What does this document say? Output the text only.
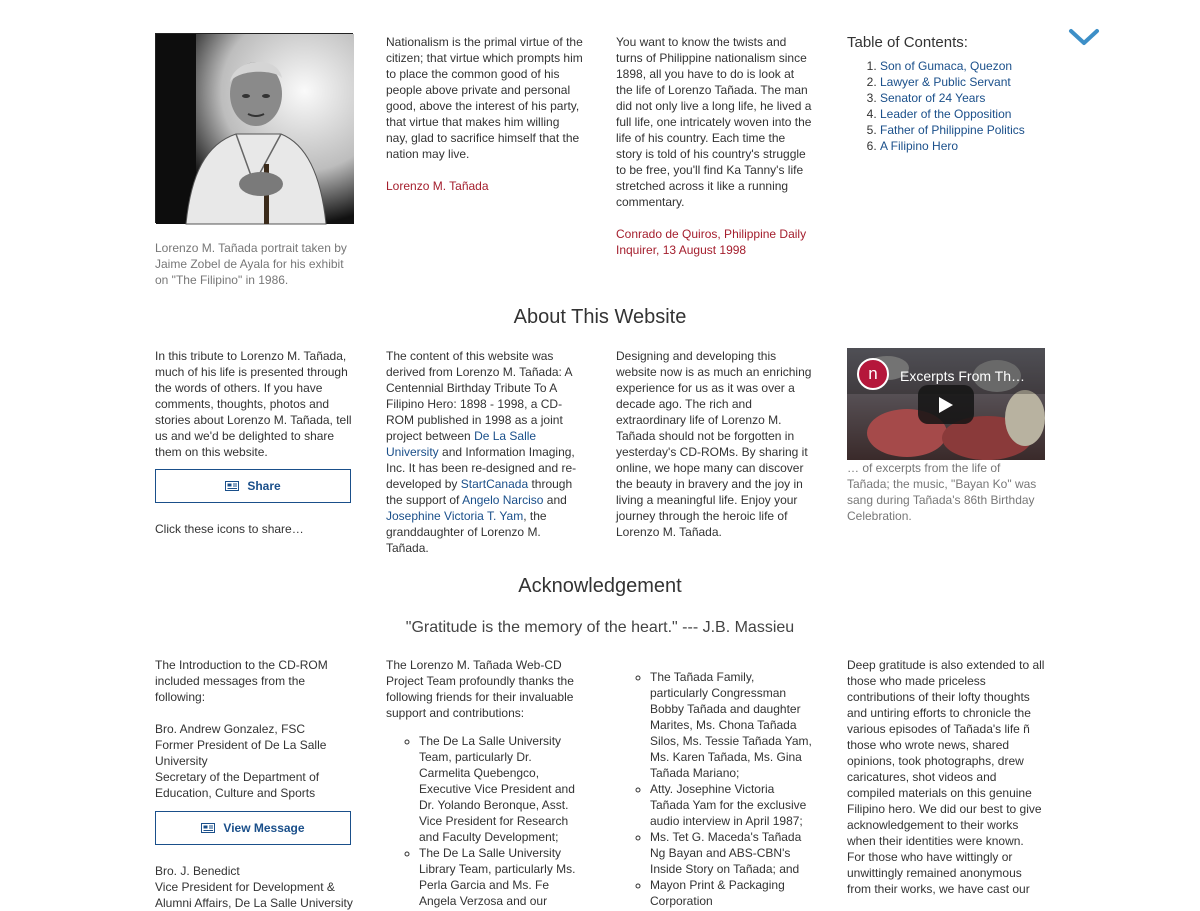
Lorenzo M. Tañada portrait taken by Jaime Zobel de Ayala for his exhibit on "The Filipino" in 1986.

Nationalism is the primal virtue of the citizen; that virtue which prompts him to place the common good of his people above private and personal good, above the interest of his party, that virtue that makes him willing nay, glad to sacrifice himself that the nation may live.

Lorenzo M. Tañada

You want to know the twists and turns of Philippine nationalism since 1898, all you have to do is look at the life of Lorenzo Tañada. The man did not only live a long life, he lived a full life, one intricately woven into the life of his country. Each time the story is told of his country's struggle to be free, you'll find Ka Tanny's life stretched across it like a running commentary.

Conrado de Quiros, Philippine Daily Inquirer, 13 August 1998

Table of Contents:
1. Son of Gumaca, Quezon
2. Lawyer & Public Servant
3. Senator of 24 Years
4. Leader of the Opposition
5. Father of Philippine Politics
6. A Filipino Hero
About This Website

In this tribute to Lorenzo M. Tañada, much of his life is presented through the words of others. If you have comments, thoughts, photos and stories about Lorenzo M. Tañada, tell us and we'd be delighted to share them on this website.

Share
Click these icons to share…

The content of this website was derived from Lorenzo M. Tañada: A Centennial Birthday Tribute To A Filipino Hero: 1898 - 1998, a CD-ROM published in 1998 as a joint project between De La Salle University and Information Imaging, Inc. It has been re-designed and re-developed by StartCanada through the support of Angelo Narciso and Josephine Victoria T. Yam, the granddaughter of Lorenzo M. Tañada.

Designing and developing this website now is as much an enriching experience for us as it was over a decade ago. The rich and extraordinary life of Lorenzo M. Tañada should not be forgotten in yesterday's CD-ROMs. By sharing it online, we hope many can discover the beauty in bravery and the joy in living a meaningful life. Enjoy your journey through the heroic life of Lorenzo M. Tañada.

n	Excerpts From Th…
… of excerpts from the life of Tañada; the music, "Bayan Ko" was sang during Tañada's 86th Birthday Celebration.
Acknowledgement
"Gratitude is the memory of the heart." --- J.B. Massieu

The Introduction to the CD-ROM included messages from the following:

Bro. Andrew Gonzalez, FSC
Former President of De La Salle University
Secretary of the Department of Education, Culture and Sports

View Message
Bro. J. Benedict
Vice President for Development &
Alumni Affairs, De La Salle University

The Lorenzo M. Tañada Web-CD Project Team profoundly thanks the following friends for their invaluable support and contributions:

◦ The De La Salle University Team, particularly Dr. Carmelita Quebengco, Executive Vice President and Dr. Yolando Beronque, Asst. Vice President for Research and Faculty Development;
◦ The De La Salle University Library Team, particularly Ms. Perla Garcia and Ms. Fe Angela Verzosa and our
◦ The Tañada Family, particularly Congressman Bobby Tañada and daughter Marites, Ms. Chona Tañada Silos, Ms. Tessie Tañada Yam, Ms. Karen Tañada, Ms. Gina Tañada Mariano;
◦ Atty. Josephine Victoria Tañada Yam for the exclusive audio interview in April 1987;
◦ Ms. Tet G. Maceda's Tañada Ng Bayan and ABS-CBN's Inside Story on Tañada; and
◦ Mayon Print & Packaging Corporation

Deep gratitude is also extended to all those who made priceless contributions of their lofty thoughts and untiring efforts to chronicle the various episodes of Tañada's life ñ those who wrote news, shared opinions, took photographs, drew caricatures, shot videos and compiled materials on this genuine Filipino hero. We did our best to give acknowledgement to their works when their identities were known. For those who have wittingly or unwittingly remained anonymous from their works, we have cast our
